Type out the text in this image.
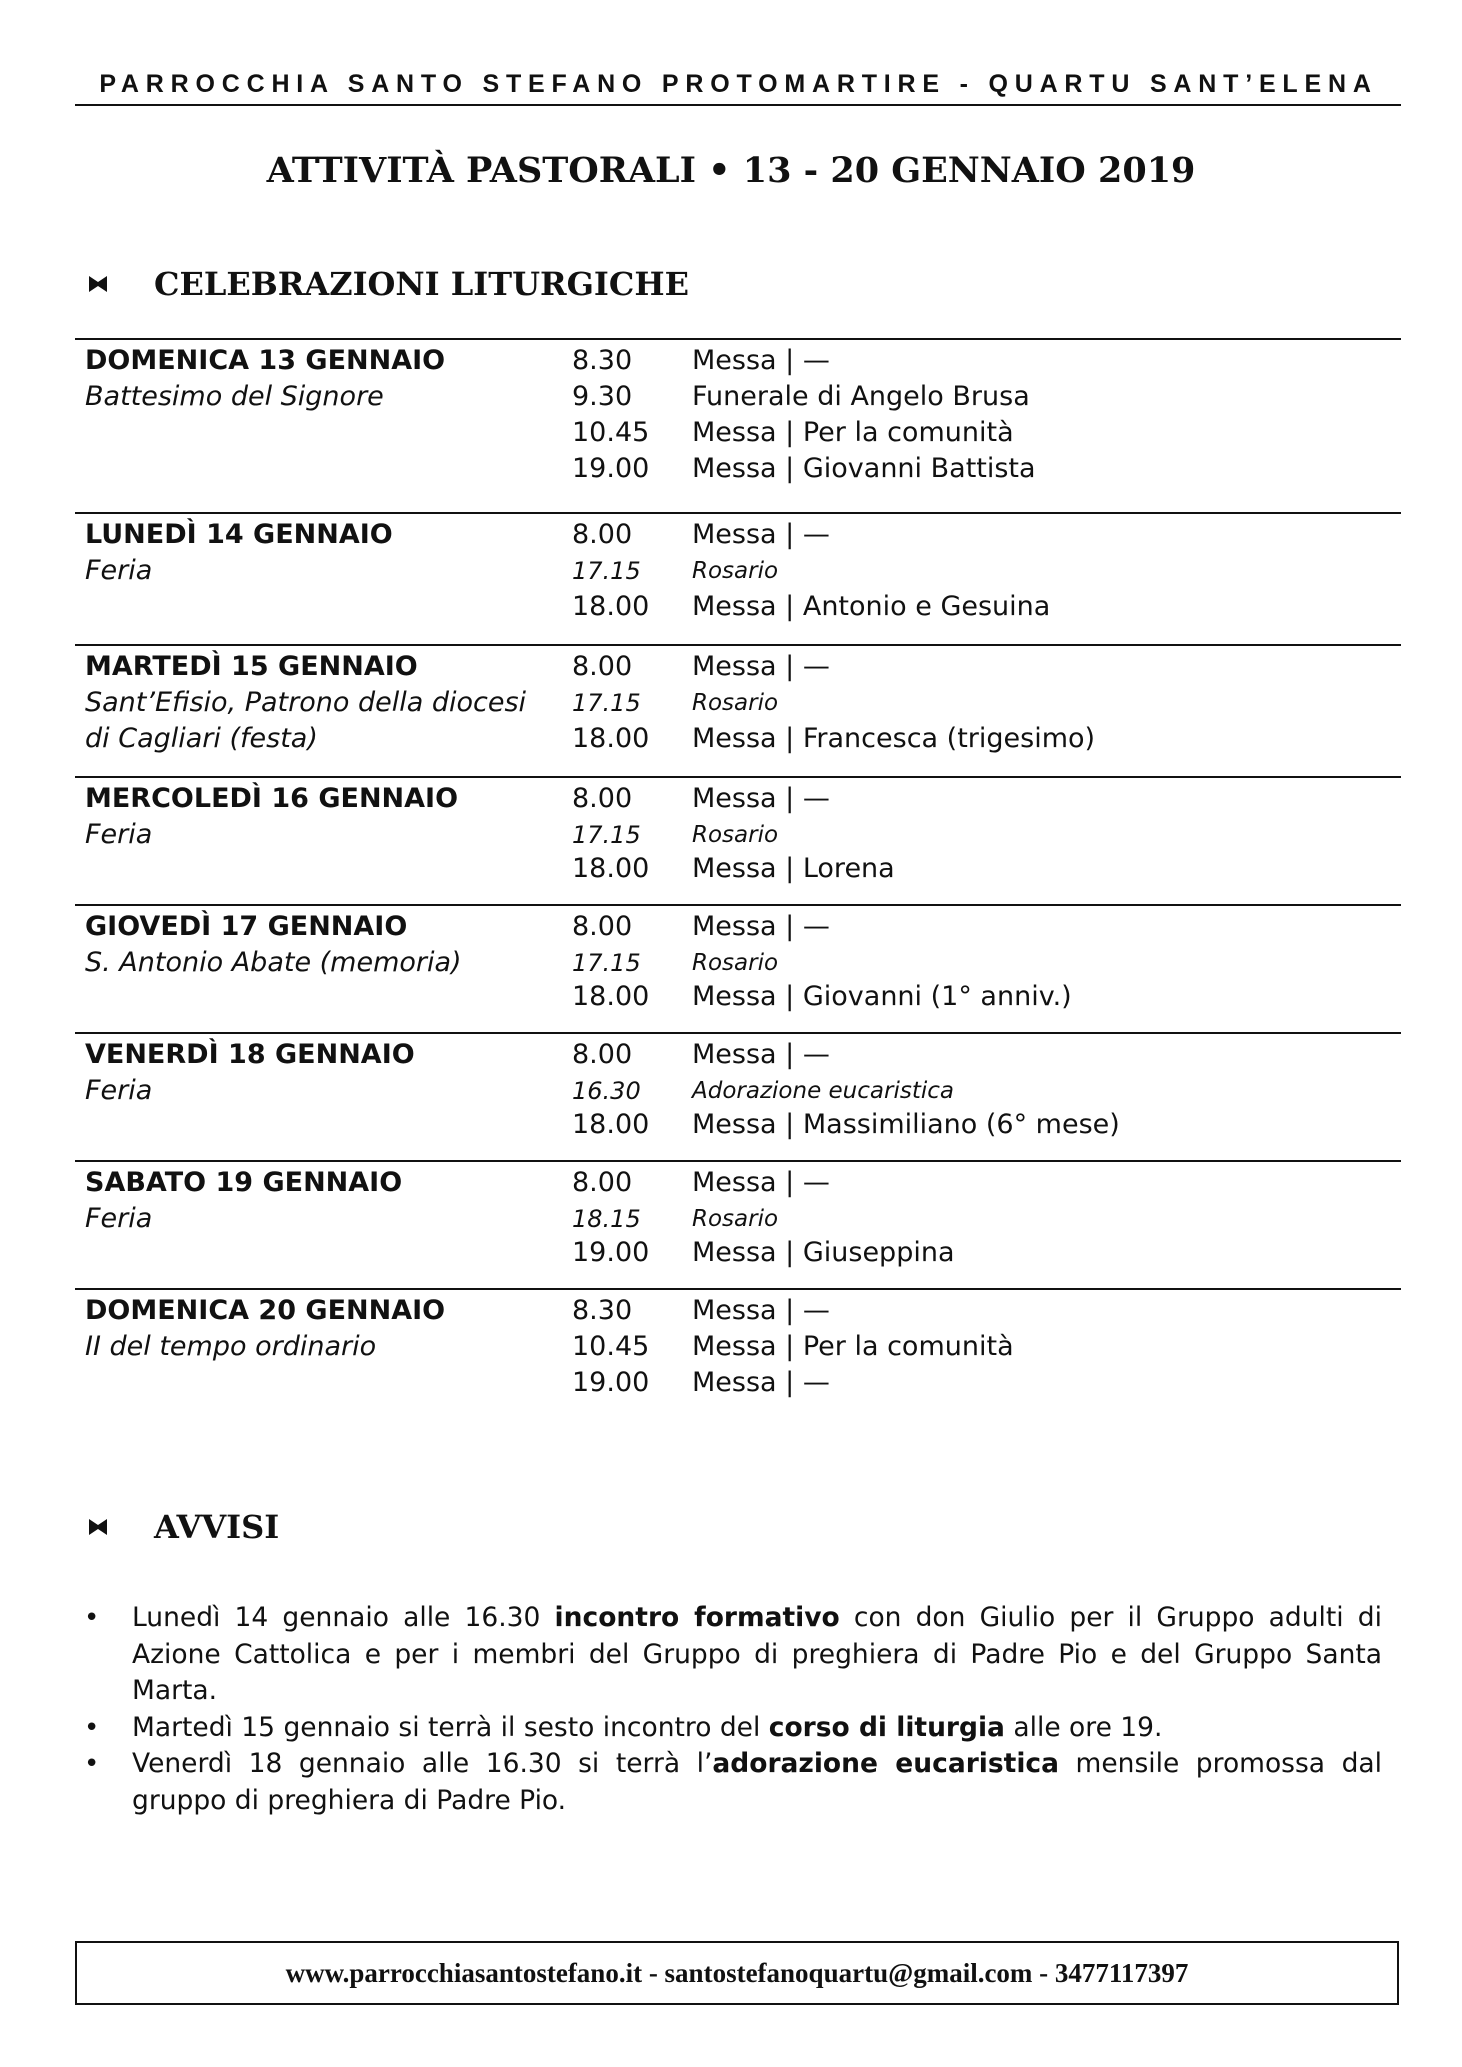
PARROCCHIA SANTO STEFANO PROTOMARTIRE - QUARTU SANT’ELENA
ATTIVITÀ PASTORALI • 13 - 20 GENNAIO 2019
CELEBRAZIONI LITURGICHE
DOMENICA 13 GENNAIO
Battesimo del Signore
8.30 Messa | —
9.30 Funerale di Angelo Brusa
10.45 Messa | Per la comunità
19.00 Messa | Giovanni Battista
LUNEDÌ 14 GENNAIO
Feria
8.00 Messa | —
17.15 Rosario
18.00 Messa | Antonio e Gesuina
MARTEDÌ 15 GENNAIO
Sant’Efisio, Patrono della diocesi di Cagliari (festa)
8.00 Messa | —
17.15 Rosario
18.00 Messa | Francesca (trigesimo)
MERCOLEDÌ 16 GENNAIO
Feria
8.00 Messa | —
17.15 Rosario
18.00 Messa | Lorena
GIOVEDÌ 17 GENNAIO
S. Antonio Abate (memoria)
8.00 Messa | —
17.15 Rosario
18.00 Messa | Giovanni (1° anniv.)
VENERDÌ 18 GENNAIO
Feria
8.00 Messa | —
16.30 Adorazione eucaristica
18.00 Messa | Massimiliano (6° mese)
SABATO 19 GENNAIO
Feria
8.00 Messa | —
18.15 Rosario
19.00 Messa | Giuseppina
DOMENICA 20 GENNAIO
II del tempo ordinario
8.30 Messa | —
10.45 Messa | Per la comunità
19.00 Messa | —
AVVISI
• Lunedì 14 gennaio alle 16.30 incontro formativo con don Giulio per il Gruppo adulti di Azione Cattolica e per i membri del Gruppo di preghiera di Padre Pio e del Gruppo Santa Marta.
• Martedì 15 gennaio si terrà il sesto incontro del corso di liturgia alle ore 19.
• Venerdì 18 gennaio alle 16.30 si terrà l’adorazione eucaristica mensile promossa dal gruppo di preghiera di Padre Pio.
www.parrocchiasantostefano.it - santostefanoquartu@gmail.com - 3477117397
